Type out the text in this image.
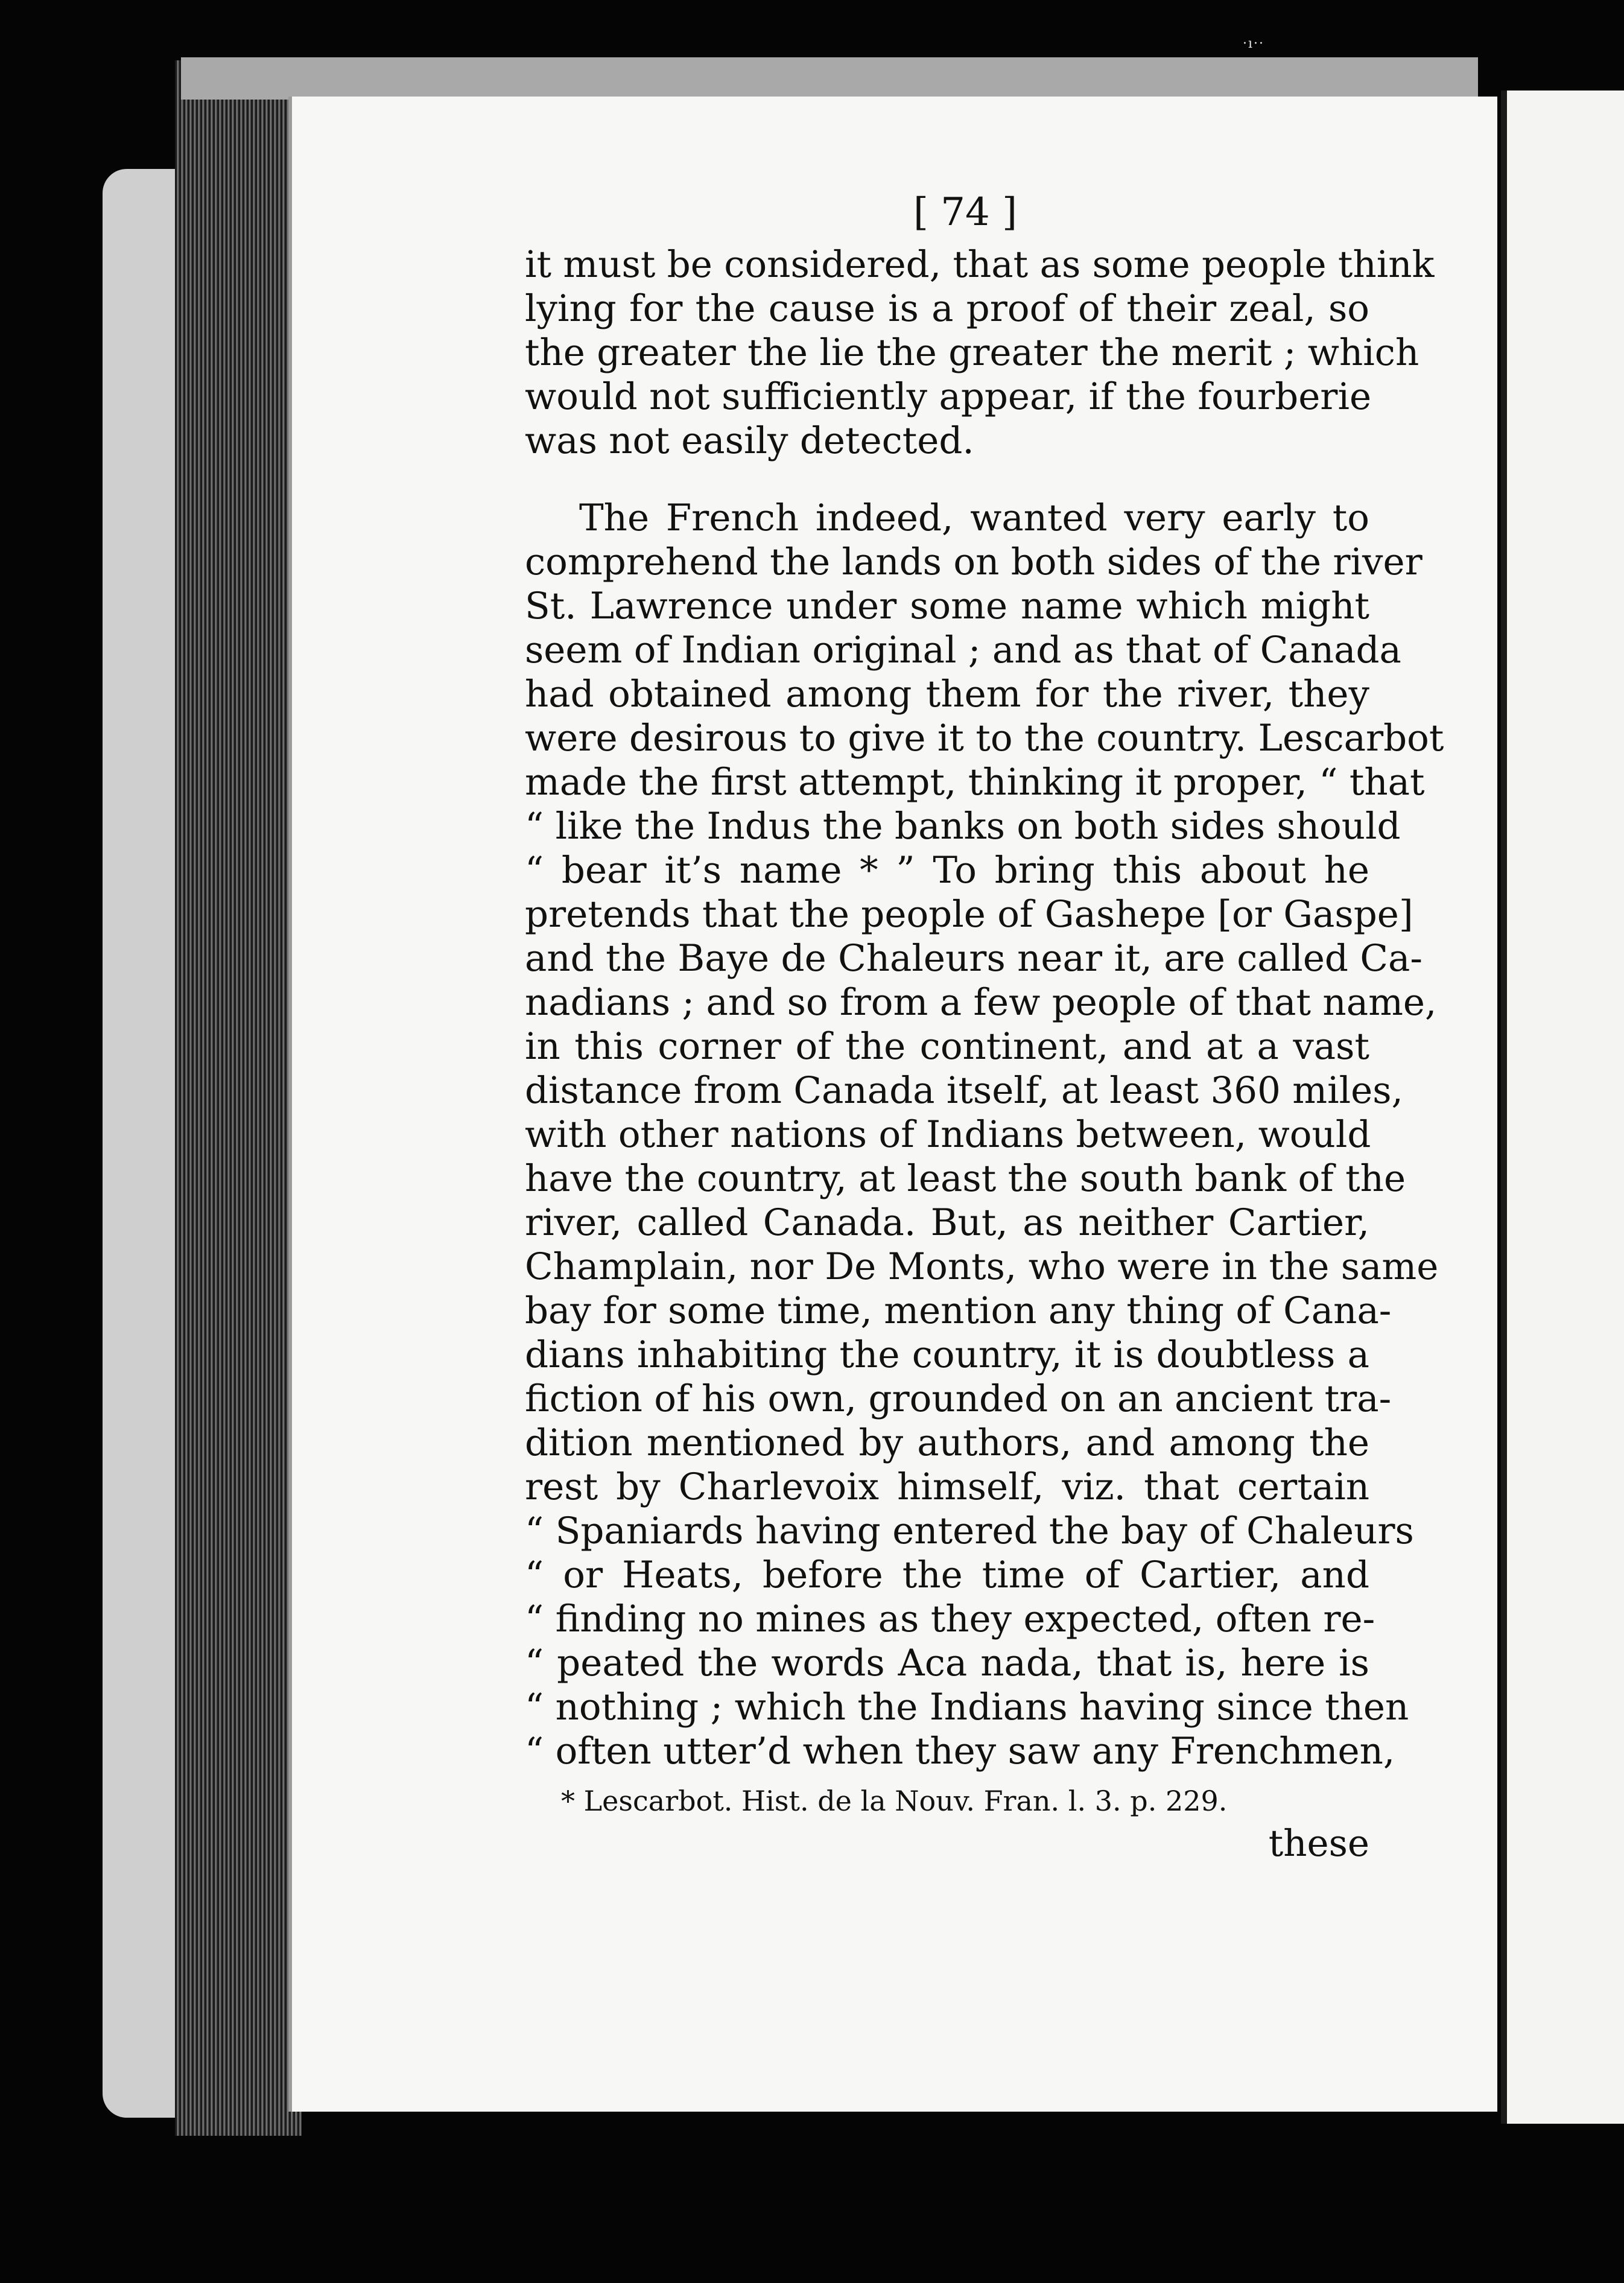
·ı··
[ 74 ]
it must be considered, that as some people think
lying for the cause is a proof of their zeal, so
the greater the lie the greater the merit ; which
would not sufficiently appear, if the fourberie
was not easily detected.
The French indeed, wanted very early to
comprehend the lands on both sides of the river
St. Lawrence under some name which might
seem of Indian original ; and as that of Canada
had obtained among them for the river, they
were desirous to give it to the country. Lescarbot
made the first attempt, thinking it proper, “ that
“ like the Indus the banks on both sides should
“ bear it’s name * ” To bring this about he
pretends that the people of Gashepe [or Gaspe]
and the Baye de Chaleurs near it, are called Ca-
nadians ; and so from a few people of that name,
in this corner of the continent, and at a vast
distance from Canada itself, at least 360 miles,
with other nations of Indians between, would
have the country, at least the south bank of the
river, called Canada. But, as neither Cartier,
Champlain, nor De Monts, who were in the same
bay for some time, mention any thing of Cana-
dians inhabiting the country, it is doubtless a
fiction of his own, grounded on an ancient tra-
dition mentioned by authors, and among the
rest by Charlevoix himself, viz. that certain
“ Spaniards having entered the bay of Chaleurs
“ or Heats, before the time of Cartier, and
“ finding no mines as they expected, often re-
“ peated the words Aca nada, that is, here is
“ nothing ; which the Indians having since then
“ often utter’d when they saw any Frenchmen,
* Lescarbot. Hist. de la Nouv. Fran. l. 3. p. 229.
these
